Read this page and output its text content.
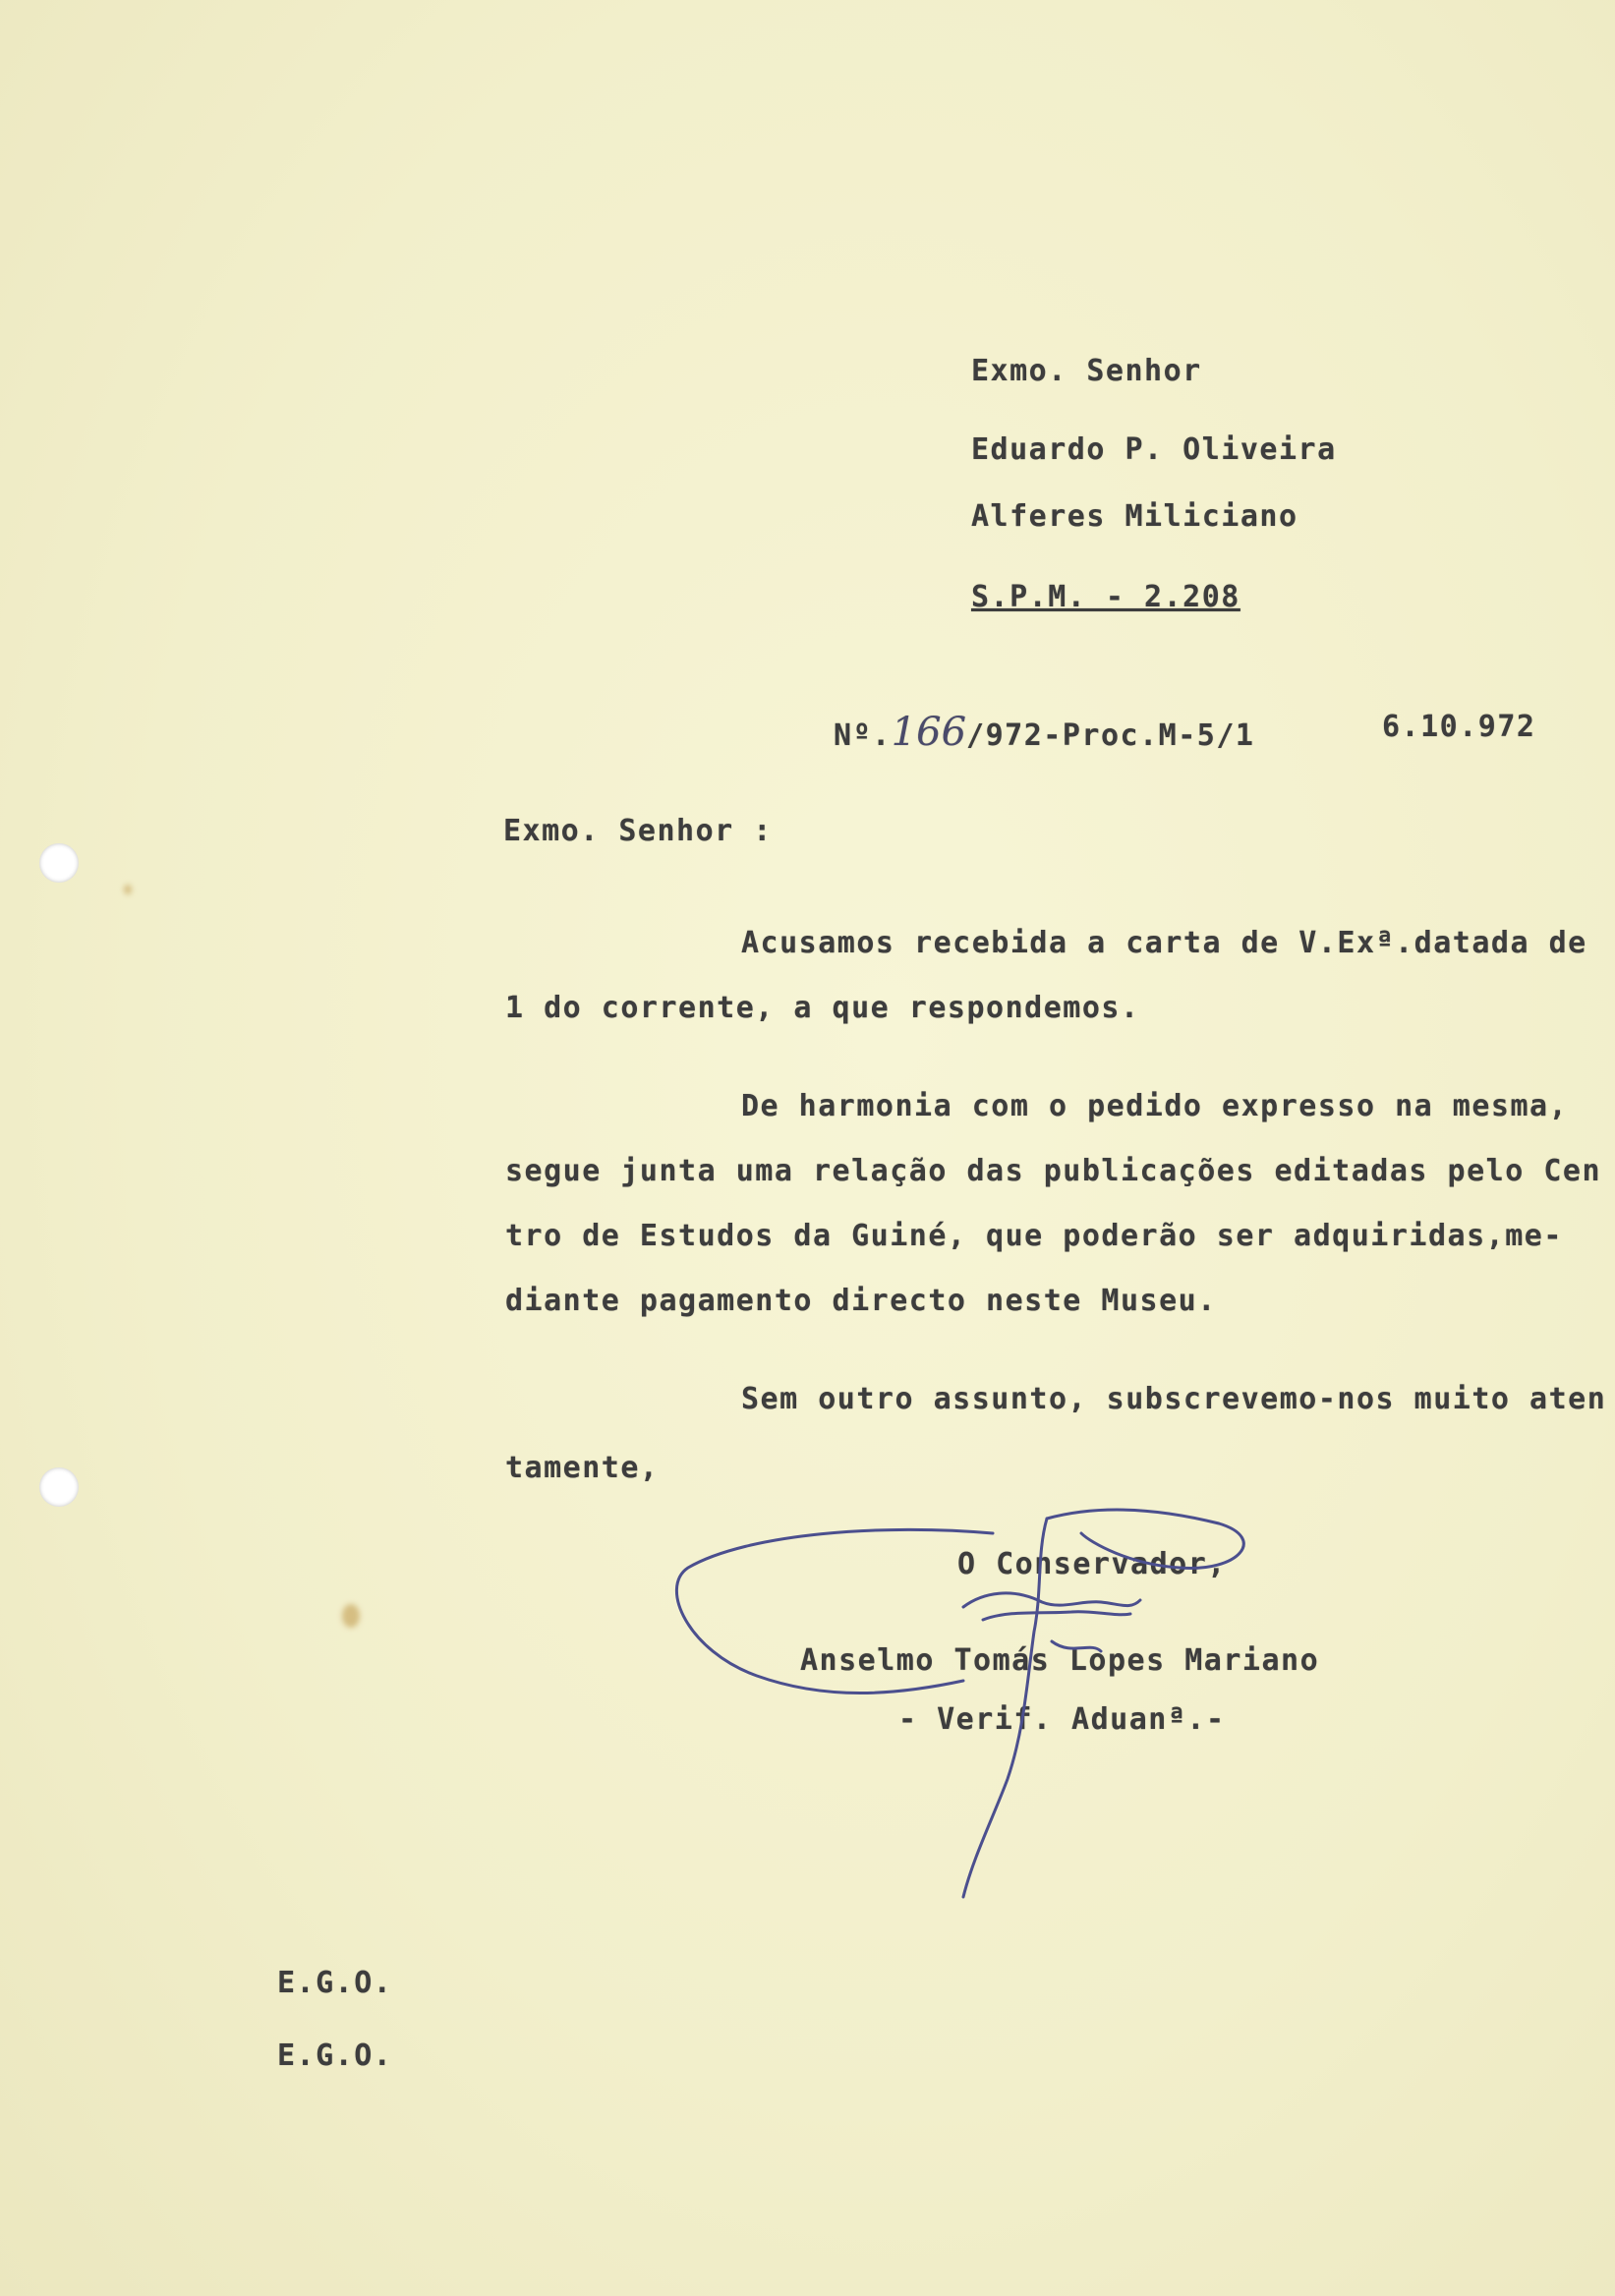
Exmo. Senhor
Eduardo P. Oliveira
Alferes Miliciano
S.P.M. - 2.208
Nº.166/972-Proc.M-5/1	6.10.972
Exmo. Senhor :
Acusamos recebida a carta de V.Exª.datada de
1 do corrente, a que respondemos.
De harmonia com o pedido expresso na mesma,
segue junta uma relação das publicações editadas pelo Cen
tro de Estudos da Guiné, que poderão ser adquiridas,me-
diante pagamento directo neste Museu.
Sem outro assunto, subscrevemo-nos muito aten
tamente,
O Conservador,
Anselmo Tomás Lopes Mariano
- Verif. Aduanª.-
E.G.O.
E.G.O.
